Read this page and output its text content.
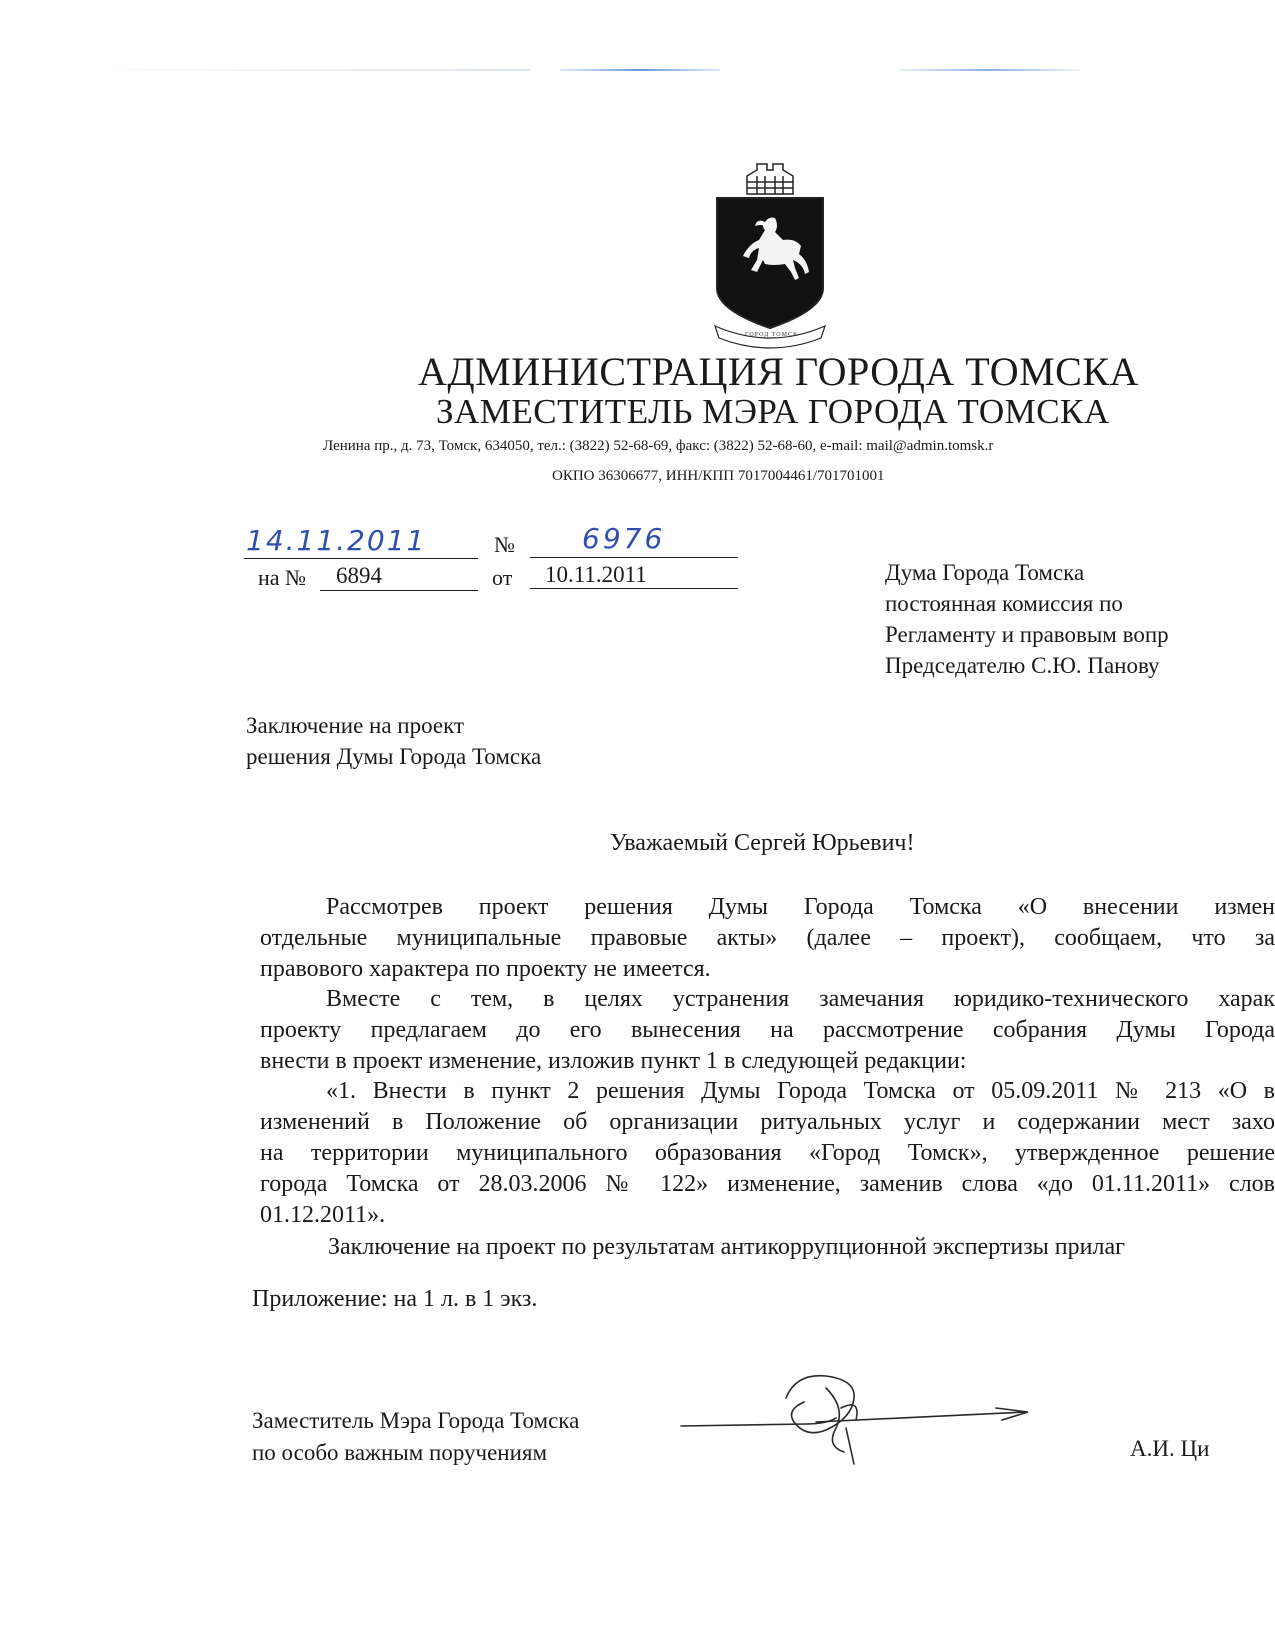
ГОРОД ТОМСК
АДМИНИСТРАЦИЯ ГОРОДА ТОМСКА
ЗАМЕСТИТЕЛЬ МЭРА ГОРОДА ТОМСКА
Ленина пр., д. 73, Томск, 634050, тел.: (3822) 52-68-69, факс: (3822) 52-68-60, e-mail: mail@admin.tomsk.r
ОКПО 36306677, ИНН/КПП 7017004461/701701001
14.11.2011	№ 6976
на № 6894	от 10.11.2011	Дума Города Томска
постоянная комиссия по
Регламенту и правовым вопр
Председателю С.Ю. Панову
Заключение на проект
решения Думы Города Томска
Уважаемый Сергей Юрьевич!
Рассмотрев проект решения Думы Города Томска «О внесении измен
отдельные муниципальные правовые акты» (далее – проект), сообщаем, что за
правового характера по проекту не имеется.
Вместе с тем, в целях устранения замечания юридико-технического харак
проекту предлагаем до его вынесения на рассмотрение собрания Думы Города
внести в проект изменение, изложив пункт 1 в следующей редакции:
«1. Внести в пункт 2 решения Думы Города Томска от 05.09.2011 № 213 «О в
изменений в Положение об организации ритуальных услуг и содержании мест захо
на территории муниципального образования «Город Томск», утвержденное решение
города Томска от 28.03.2006 № 122» изменение, заменив слова «до 01.11.2011» слов
01.12.2011».
Заключение на проект по результатам антикоррупционной экспертизы прилаг
Приложение: на 1 л. в 1 экз.
Заместитель Мэра Города Томска
по особо важным поручениям	А.И. Ци
